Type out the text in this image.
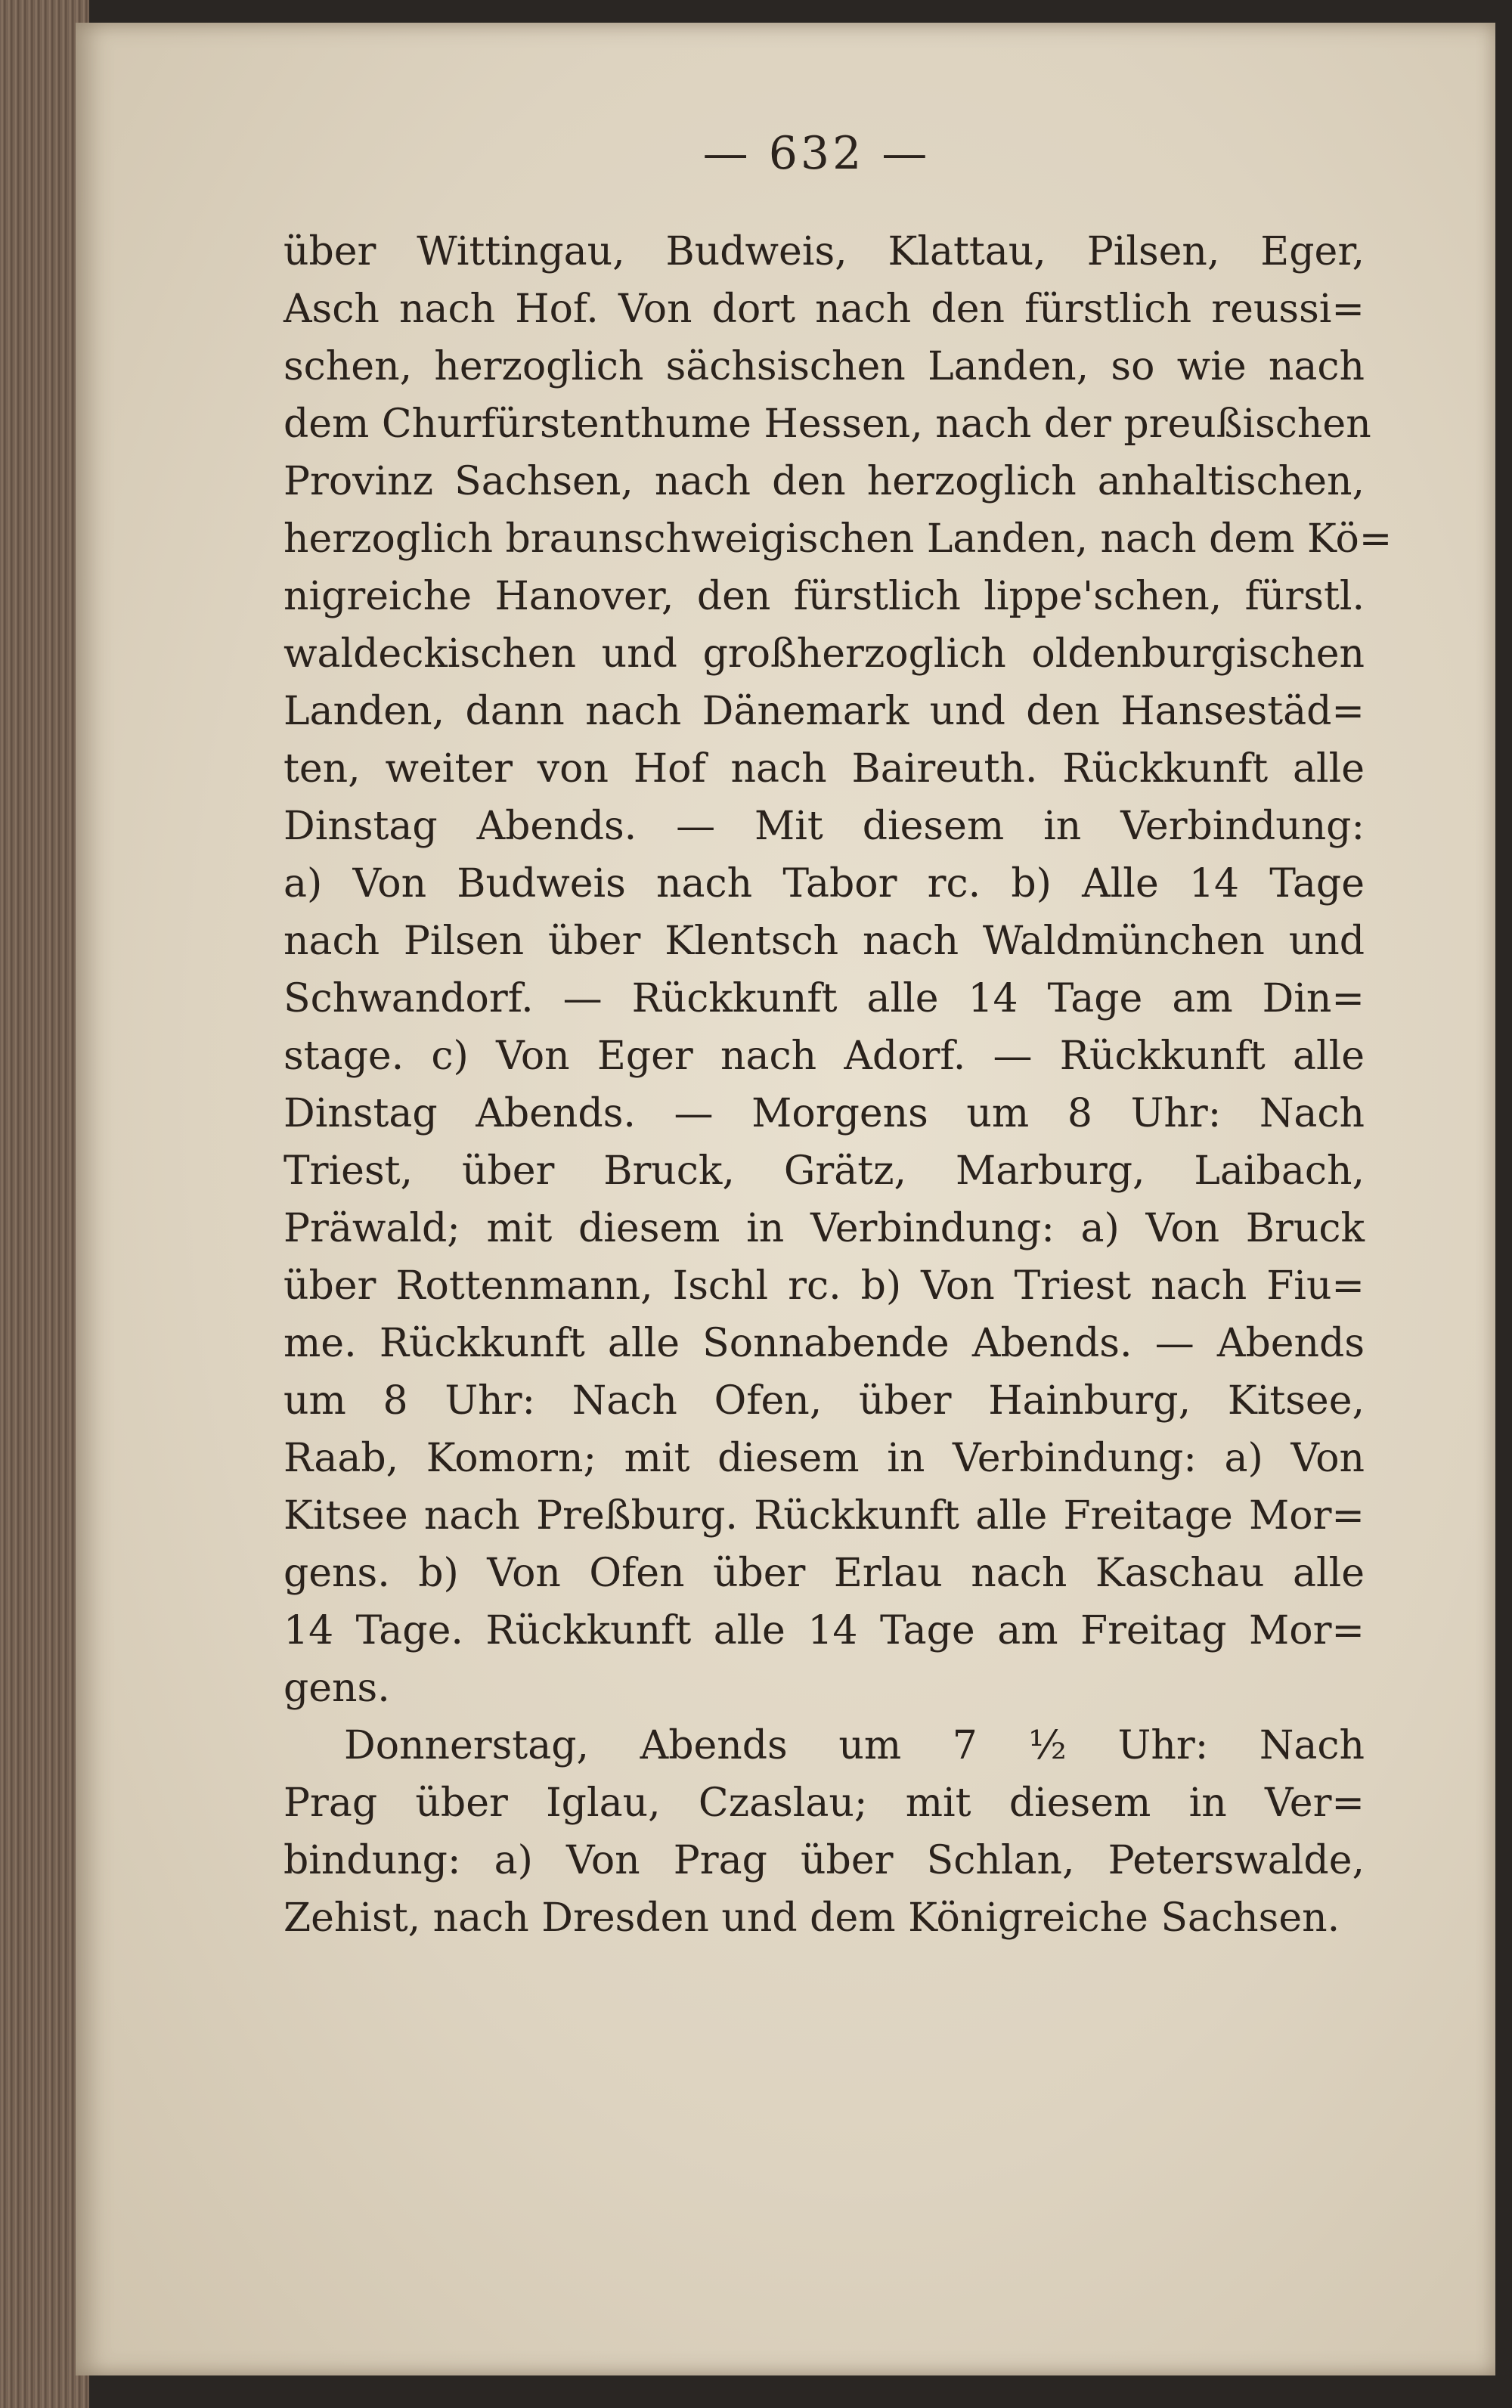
— 632 —
über Wittingau, Budweis, Klattau, Pilsen, Eger,
Asch nach Hof. Von dort nach den fürstlich reussi=
schen, herzoglich sächsischen Landen, so wie nach
dem Churfürstenthume Hessen, nach der preußischen
Provinz Sachsen, nach den herzoglich anhaltischen,
herzoglich braunschweigischen Landen, nach dem Kö=
nigreiche Hanover, den fürstlich lippe'schen, fürstl.
waldeckischen und großherzoglich oldenburgischen
Landen, dann nach Dänemark und den Hansestäd=
ten, weiter von Hof nach Baireuth. Rückkunft alle
Dinstag Abends. — Mit diesem in Verbindung:
a) Von Budweis nach Tabor rc. b) Alle 14 Tage
nach Pilsen über Klentsch nach Waldmünchen und
Schwandorf. — Rückkunft alle 14 Tage am Din=
stage. c) Von Eger nach Adorf. — Rückkunft alle
Dinstag Abends. — Morgens um 8 Uhr: Nach
Triest, über Bruck, Grätz, Marburg, Laibach,
Präwald; mit diesem in Verbindung: a) Von Bruck
über Rottenmann, Ischl rc. b) Von Triest nach Fiu=
me. Rückkunft alle Sonnabende Abends. — Abends
um 8 Uhr: Nach Ofen, über Hainburg, Kitsee,
Raab, Komorn; mit diesem in Verbindung: a) Von
Kitsee nach Preßburg. Rückkunft alle Freitage Mor=
gens. b) Von Ofen über Erlau nach Kaschau alle
14 Tage. Rückkunft alle 14 Tage am Freitag Mor=
gens.
Donnerstag, Abends um 7 ½ Uhr: Nach
Prag über Iglau, Czaslau; mit diesem in Ver=
bindung: a) Von Prag über Schlan, Peterswalde,
Zehist, nach Dresden und dem Königreiche Sachsen.
